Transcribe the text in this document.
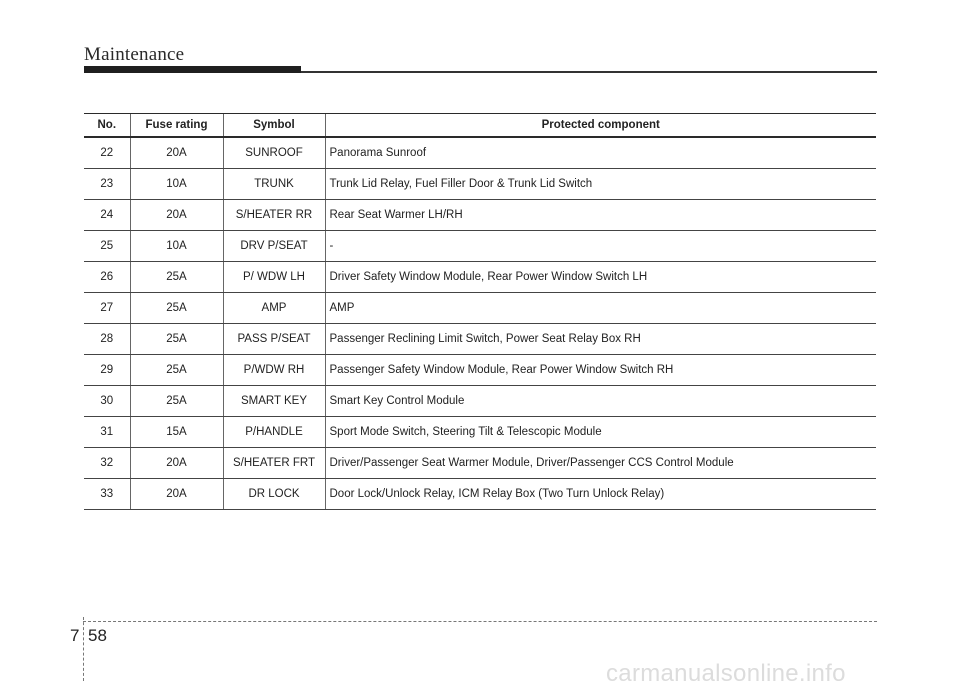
Maintenance
No.	Fuse rating	Symbol	Protected component
22	20A	SUNROOF	Panorama Sunroof
23	10A	TRUNK	Trunk Lid Relay, Fuel Filler Door & Trunk Lid Switch
24	20A	S/HEATER RR	Rear Seat Warmer LH/RH
25	10A	DRV P/SEAT	-
26	25A	P/ WDW LH	Driver Safety Window Module, Rear Power Window Switch LH
27	25A	AMP	AMP
28	25A	PASS P/SEAT	Passenger Reclining Limit Switch, Power Seat Relay Box RH
29	25A	P/WDW RH	Passenger Safety Window Module, Rear Power Window Switch RH
30	25A	SMART KEY	Smart Key Control Module
31	15A	P/HANDLE	Sport Mode Switch, Steering Tilt & Telescopic Module
32	20A	S/HEATER FRT	Driver/Passenger Seat Warmer Module, Driver/Passenger CCS Control Module
33	20A	DR LOCK	Door Lock/Unlock Relay, ICM Relay Box (Two Turn Unlock Relay)
7 58
carmanualsonline.info
